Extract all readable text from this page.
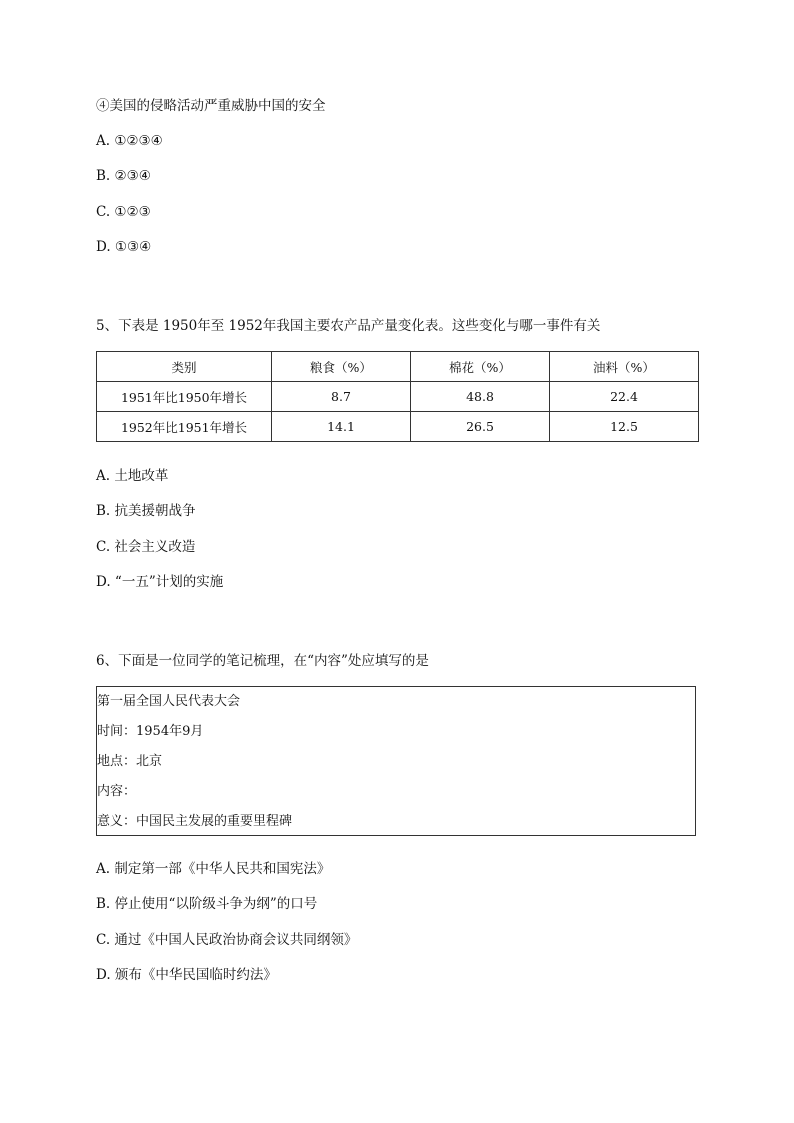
④美国的侵略活动严重威胁中国的安全
A. ①②③④
B. ②③④
C. ①②③
D. ①③④
5、下表是 1950年至 1952年我国主要农产品产量变化表。这些变化与哪一事件有关
类别	粮食（%）	棉花（%）	油料（%）
1951年比1950年增长	8.7	48.8	22.4
1952年比1951年增长	14.1	26.5	12.5
A. 土地改革
B. 抗美援朝战争
C. 社会主义改造
D. “一五”计划的实施
6、下面是一位同学的笔记梳理，在“内容”处应填写的是
第一届全国人民代表大会
时间：1954年9月
地点：北京
内容：
意义：中国民主发展的重要里程碑
A. 制定第一部《中华人民共和国宪法》
B. 停止使用“以阶级斗争为纲”的口号
C. 通过《中国人民政治协商会议共同纲领》
D. 颁布《中华民国临时约法》
